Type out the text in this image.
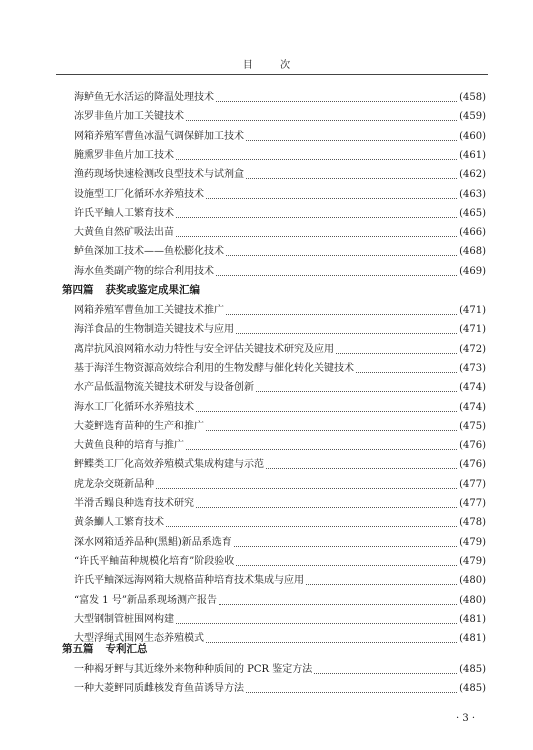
目 次
海鲈鱼无水活运的降温处理技术	(458)
冻罗非鱼片加工关键技术	(459)
网箱养殖军曹鱼冰温气调保鲜加工技术	(460)
腌熏罗非鱼片加工技术	(461)
渔药现场快速检测改良型技术与试剂盒	(462)
设施型工厂化循环水养殖技术	(463)
许氏平鲉人工繁育技术	(465)
大黄鱼自然矿吸法出苗	(466)
鲈鱼深加工技术——鱼松膨化技术	(468)
海水鱼类副产物的综合利用技术	(469)
第四篇 获奖或鉴定成果汇编
网箱养殖军曹鱼加工关键技术推广	(471)
海洋食品的生物制造关键技术与应用	(471)
离岸抗风浪网箱水动力特性与安全评估关键技术研究及应用	(472)
基于海洋生物资源高效综合利用的生物发酵与催化转化关键技术	(473)
水产品低温物流关键技术研发与设备创新	(474)
海水工厂化循环水养殖技术	(474)
大菱鲆选育苗种的生产和推广	(475)
大黄鱼良种的培育与推广	(476)
鲆鲽类工厂化高效养殖模式集成构建与示范	(476)
虎龙杂交斑新品种	(477)
半滑舌鳎良种选育技术研究	(477)
黄条鰤人工繁育技术	(478)
深水网箱适养品种(黑鲳)新品系选育	(479)
“许氏平鲉苗种规模化培育”阶段验收	(479)
许氏平鲉深远海网箱大规格苗种培育技术集成与应用	(480)
“富发 1 号”新品系现场测产报告	(480)
大型钢制管桩围网构建	(481)
大型浮绳式围网生态养殖模式	(481)
第五篇 专利汇总
一种褐牙鲆与其近缘外来物种种质间的 PCR 鉴定方法	(485)
一种大菱鲆同质雌核发育鱼苗诱导方法	(485)
· 3 ·
